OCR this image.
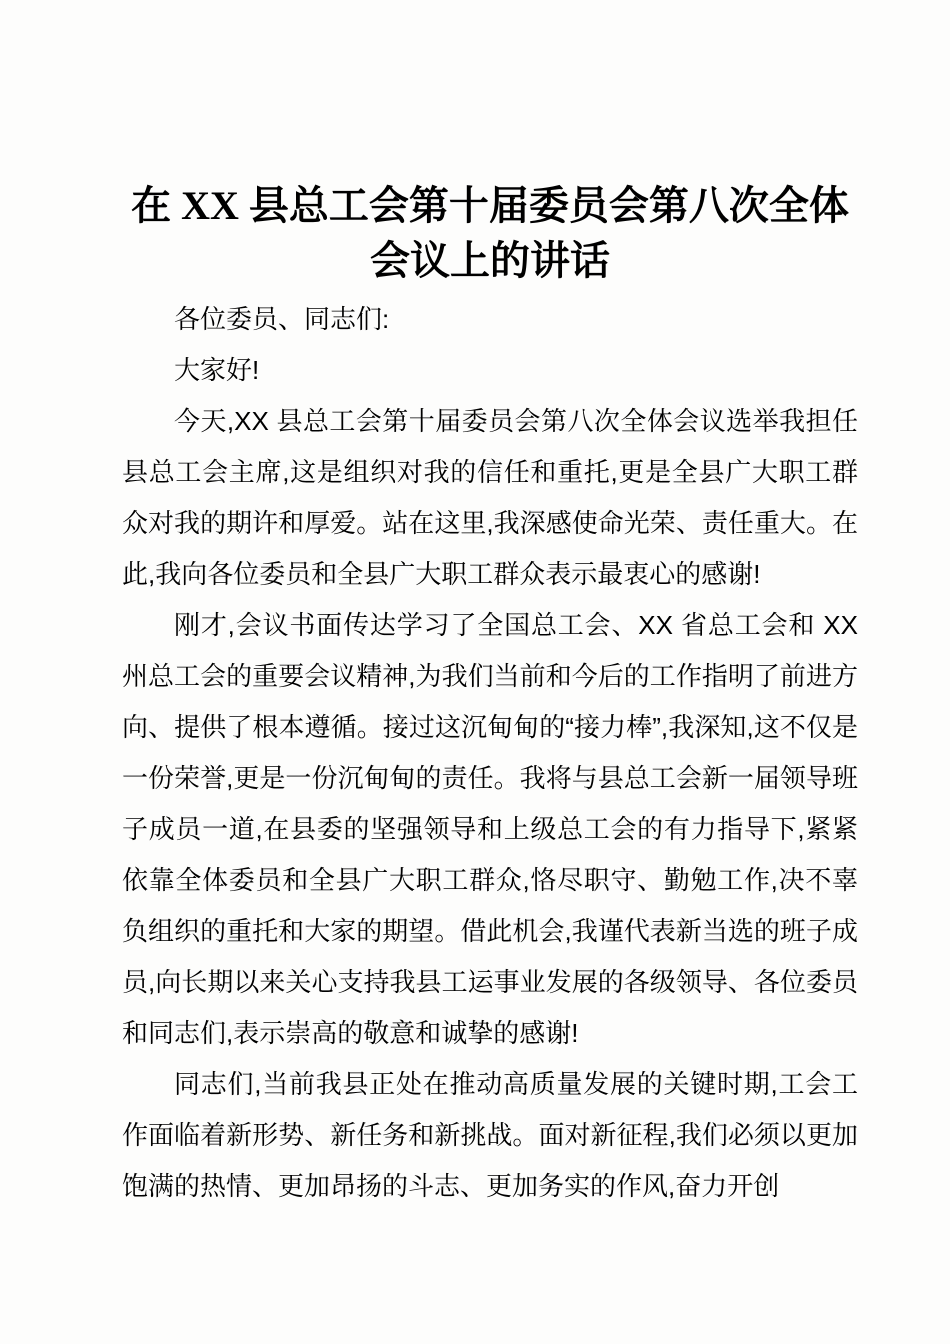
在 XX 县总工会第十届委员会第八次全体会议上的讲话

各位委员、同志们:

大家好!

今天,XX 县总工会第十届委员会第八次全体会议选举我担任县总工会主席,这是组织对我的信任和重托,更是全县广大职工群众对我的期许和厚爱。站在这里,我深感使命光荣、责任重大。在此,我向各位委员和全县广大职工群众表示最衷心的感谢!

刚才,会议书面传达学习了全国总工会、XX 省总工会和 XX 州总工会的重要会议精神,为我们当前和今后的工作指明了前进方向、提供了根本遵循。接过这沉甸甸的“接力棒”,我深知,这不仅是一份荣誉,更是一份沉甸甸的责任。我将与县总工会新一届领导班子成员一道,在县委的坚强领导和上级总工会的有力指导下,紧紧依靠全体委员和全县广大职工群众,恪尽职守、勤勉工作,决不辜负组织的重托和大家的期望。借此机会,我谨代表新当选的班子成员,向长期以来关心支持我县工运事业发展的各级领导、各位委员和同志们,表示崇高的敬意和诚挚的感谢!

同志们,当前我县正处在推动高质量发展的关键时期,工会工作面临着新形势、新任务和新挑战。面对新征程,我们必须以更加饱满的热情、更加昂扬的斗志、更加务实的作风,奋力开创
